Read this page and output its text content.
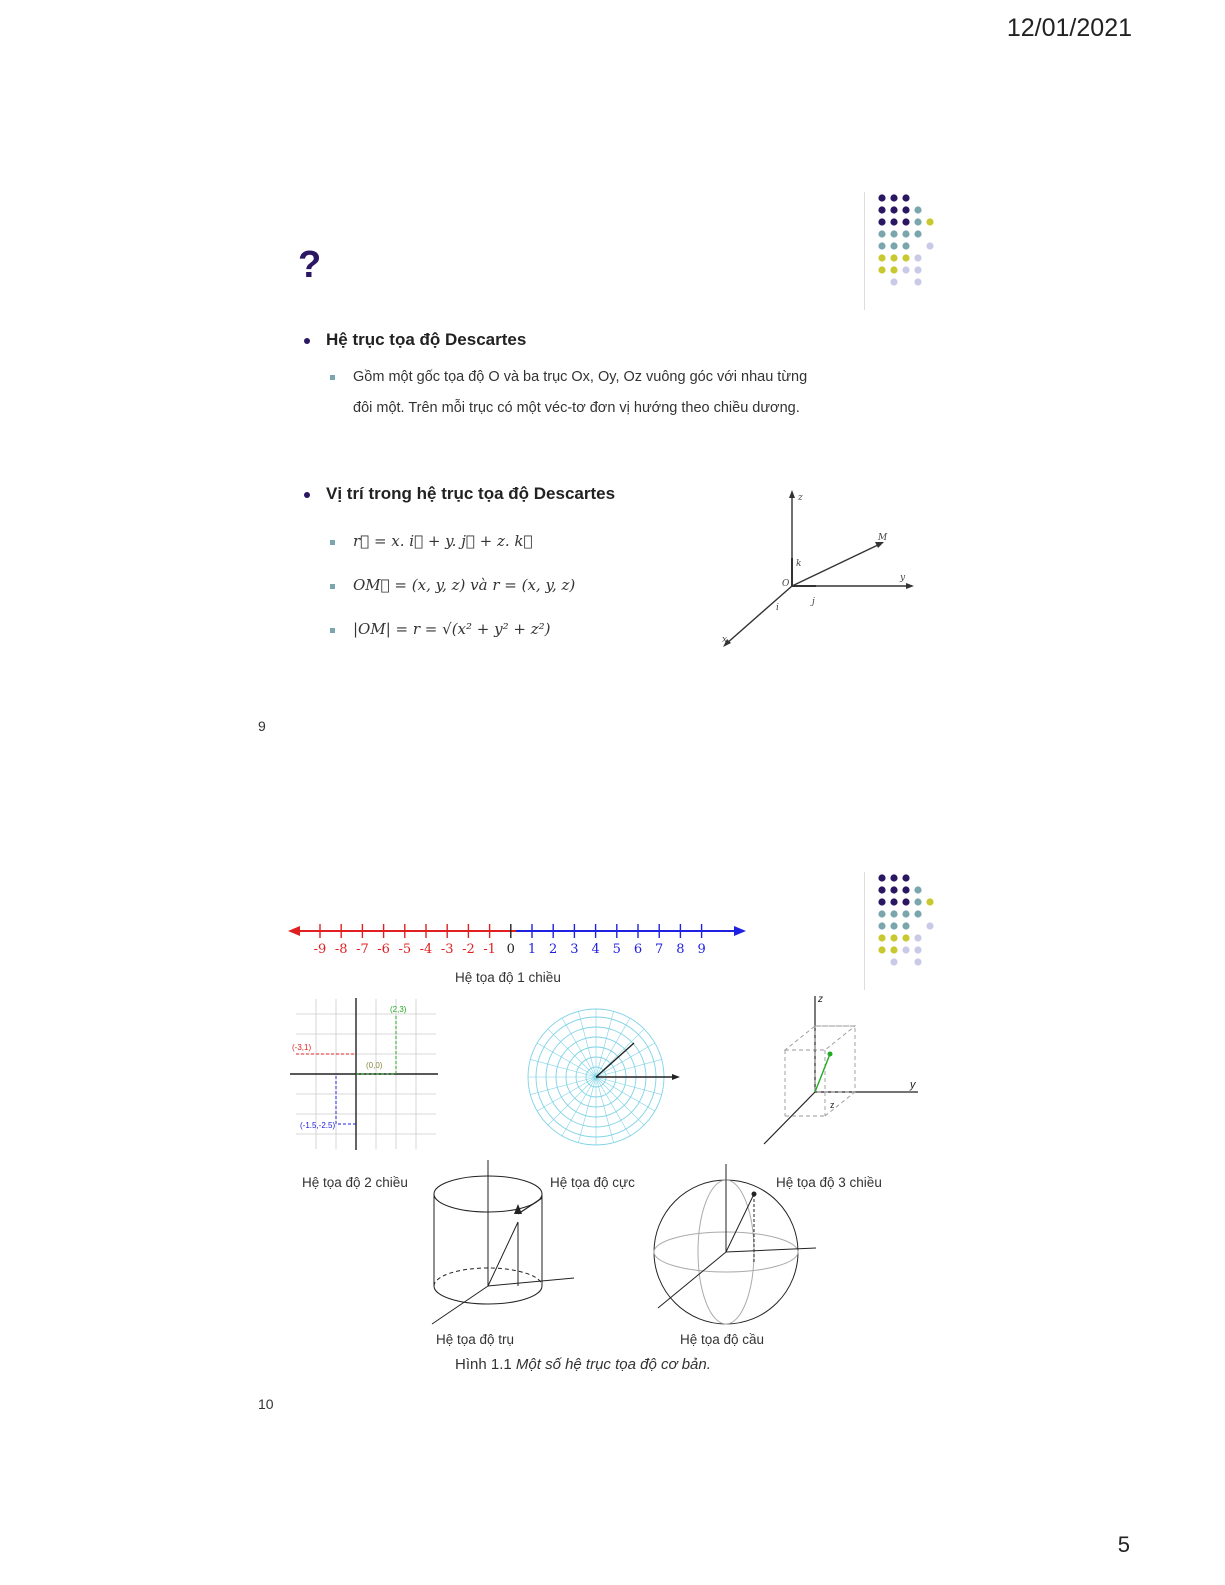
12/01/2021
5
?
Hệ trục tọa độ Descartes
Gồm một gốc tọa độ O và ba trục Ox, Oy, Oz vuông góc với nhau từng
đôi một. Trên mỗi trục có một véc-tơ đơn vị hướng theo chiều dương.
Vị trí trong hệ trục tọa độ Descartes
r⃗ = x. i⃗ + y. j⃗ + z. k⃗
OM⃗ = (x, y, z) và r = (x, y, z)
|OM| = r = √(x² + y² + z²)
z
y
x
M
O
k
j
i
9
-9 -8 -7 -6 -5 -4 -3 -2 -1 0 1 2 3 4 5 6 7 8 9
Hệ tọa độ 1 chiều
(2,3)
(-3,1)
(0,0)
(-1.5,-2.5)
Hệ tọa độ 2 chiều	Hệ tọa độ cực
y
z
z
Hệ tọa độ 3 chiều
Hệ tọa độ trụ	Hệ tọa độ cầu
Hình 1.1 Một số hệ trục tọa độ cơ bản.
10
